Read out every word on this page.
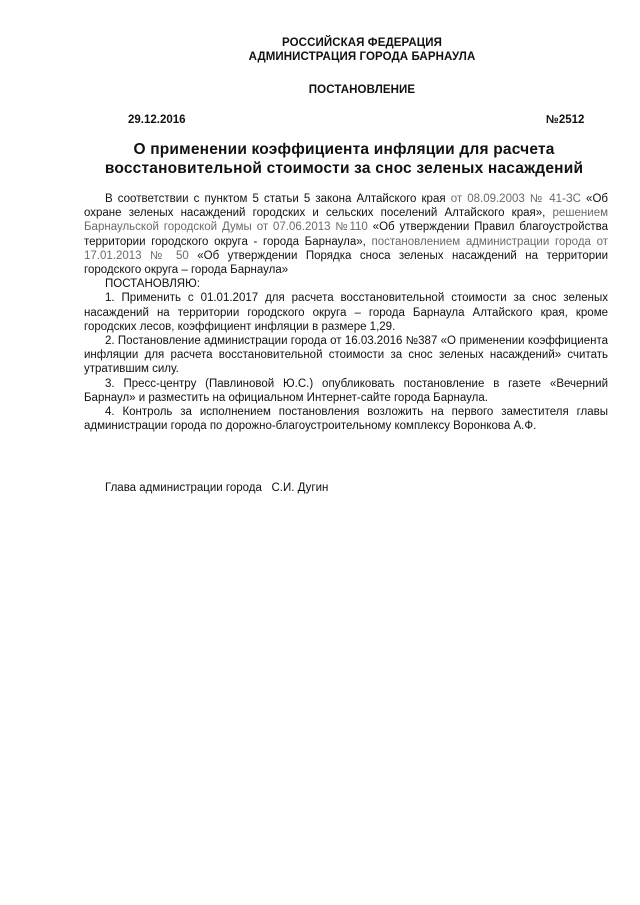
РОССИЙСКАЯ ФЕДЕРАЦИЯ
АДМИНИСТРАЦИЯ ГОРОДА БАРНАУЛА
ПОСТАНОВЛЕНИЕ
29.12.2016	№2512
О применении коэффициента инфляции для расчета восстановительной стоимости за снос зеленых насаждений

В соответствии с пунктом 5 статьи 5 закона Алтайского края от 08.09.2003 № 41-ЗС «Об охране зеленых насаждений городских и сельских поселений Алтайского края», решением Барнаульской городской Думы от 07.06.2013 №110 «Об утверждении Правил благоустройства территории городского округа - города Барнаула», постановлением администрации города от 17.01.2013 № 50 «Об утверждении Порядка сноса зеленых насаждений на территории городского округа – города Барнаула»

ПОСТАНОВЛЯЮ:

1. Применить с 01.01.2017 для расчета восстановительной стоимости за снос зеленых насаждений на территории городского округа – города Барнаула Алтайского края, кроме городских лесов, коэффициент инфляции в размере 1,29.

2. Постановление администрации города от 16.03.2016 №387 «О применении коэффициента инфляции для расчета восстановительной стоимости за снос зеленых насаждений» считать утратившим силу.

3. Пресс-центру (Павлиновой Ю.С.) опубликовать постановление в газете «Вечерний Барнаул» и разместить на официальном Интернет-сайте города Барнаула.

4. Контроль за исполнением постановления возложить на первого заместителя главы администрации города по дорожно-благоустроительному комплексу Воронкова А.Ф.

Глава администрации города С.И. Дугин
